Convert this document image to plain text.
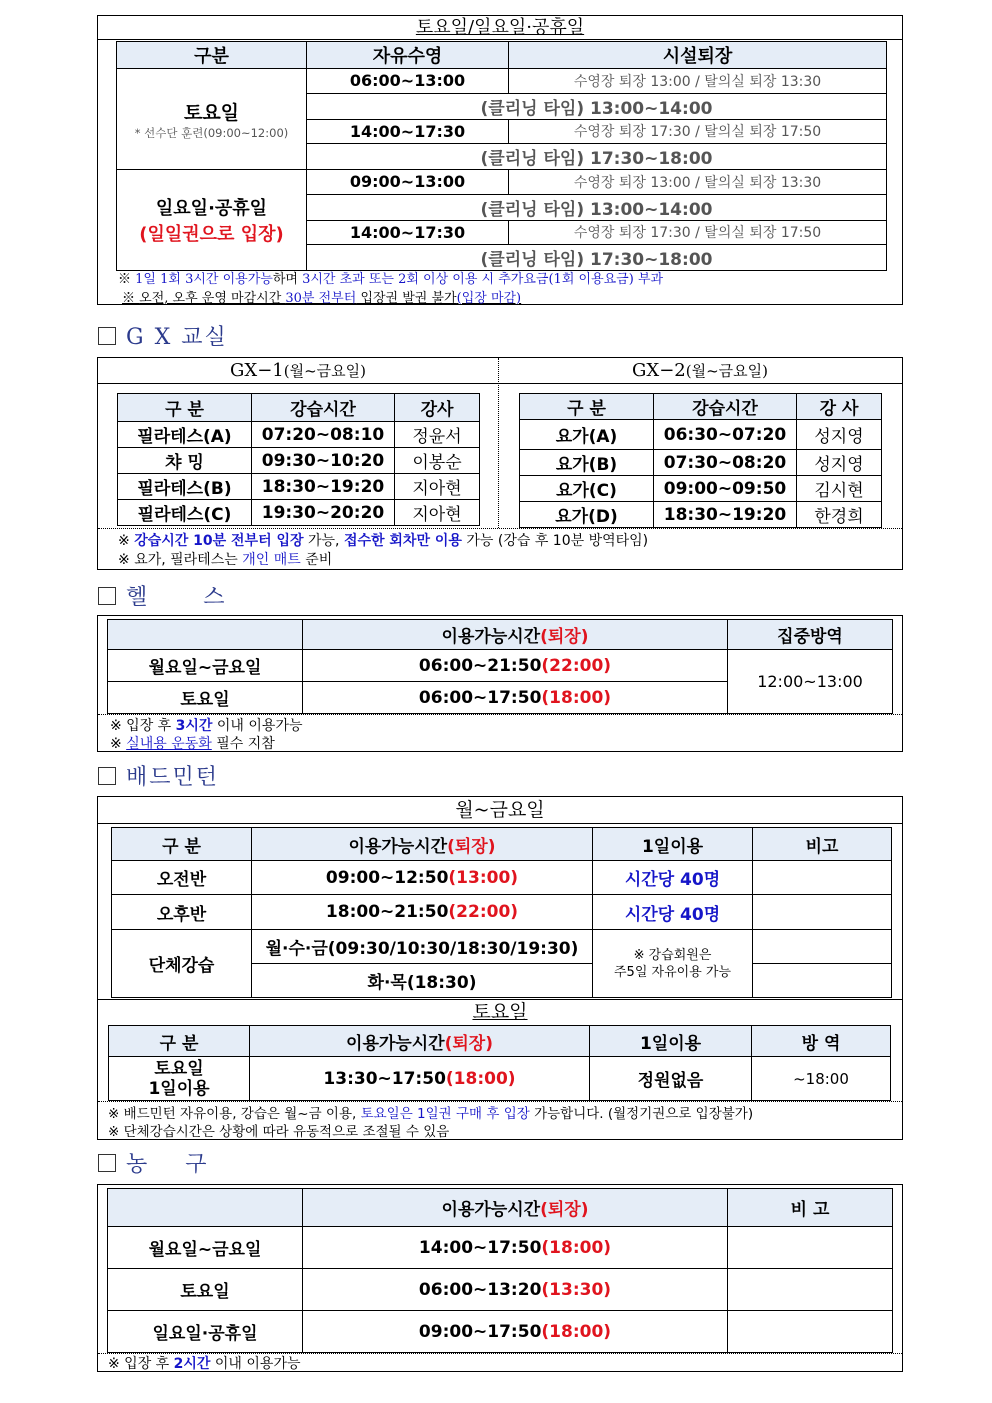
토요일/일요일·공휴일
구분	자유수영	시설퇴장

토요일
* 선수단 훈련(09:00~12:00)	06:00~13:00	수영장 퇴장 13:00 / 탈의실 퇴장 13:30
	(클리닝 타임) 13:00~14:00	
	14:00~17:30	수영장 퇴장 17:30 / 탈의실 퇴장 17:50
	(클리닝 타임) 17:30~18:00	

일요일·공휴일
(일일권으로 입장)	09:00~13:00	수영장 퇴장 13:00 / 탈의실 퇴장 13:30
	(클리닝 타임) 13:00~14:00	
	14:00~17:30	수영장 퇴장 17:30 / 탈의실 퇴장 17:50
	(클리닝 타임) 17:30~18:00	
※ 1일 1회 3시간 이용가능하며 3시간 초과 또는 2회 이상 이용 시 추가요금(1회 이용요금) 부과
※ 오전, 오후 운영 마감시간 30분 전부터 입장권 발권 불가(입장 마감)
G X 교실
GX−1(월~금요일)	GX−2(월~금요일)
구 분	강습시간	강사
필라테스(A)	07:20~08:10	정윤서
챠 밍	09:30~10:20	이봉순
필라테스(B)	18:30~19:20	지아현
필라테스(C)	19:30~20:20	지아현
구 분	강습시간	강 사
요가(A)	06:30~07:20	성지영
요가(B)	07:30~08:20	성지영
요가(C)	09:00~09:50	김시현
요가(D)	18:30~19:20	한경희
※ 강습시간 10분 전부터 입장 가능, 접수한 회차만 이용 가능 (강습 후 10분 방역타임)
※ 요가, 필라테스는 개인 매트 준비
헬      스
	이용가능시간(퇴장)	집중방역
월요일~금요일	06:00~21:50(22:00)	12:00~13:00
토요일	06:00~17:50(18:00)	
※ 입장 후 3시간 이내 이용가능
※ 실내용 운동화 필수 지참
배드민턴
월~금요일
구 분	이용가능시간(퇴장)	1일이용	비고
오전반	09:00~12:50(13:00)	시간당 40명	
오후반	18:00~21:50(22:00)	시간당 40명	
단체강습	월·수·금(09:30/10:30/18:30/19:30)	※ 강습회원은
주5일 자유이용 가능	

	화·목(18:30)		
토요일
구 분	이용가능시간(퇴장)	1일이용	방 역

토요일
1일이용	13:30~17:50(18:00)	정원없음	~18:00
※ 배드민턴 자유이용, 강습은 월~금 이용, 토요일은 1일권 구매 후 입장 가능합니다. (월정기권으로 입장불가)
※ 단체강습시간은 상황에 따라 유동적으로 조절될 수 있음
농    구
	이용가능시간(퇴장)	비 고
월요일~금요일	14:00~17:50(18:00)	
토요일	06:00~13:20(13:30)	
일요일·공휴일	09:00~17:50(18:00)	
※ 입장 후 2시간 이내 이용가능
